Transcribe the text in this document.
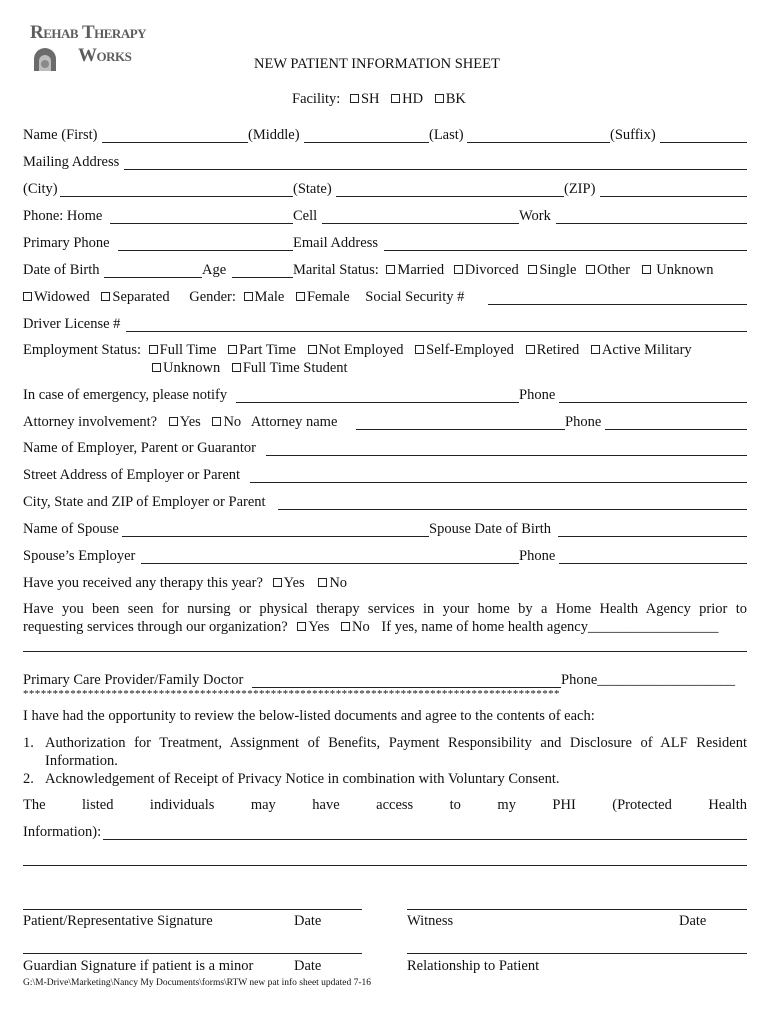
Rehab Therapy
Works	NEW PATIENT INFORMATION SHEET
Facility: SH HD BK
Name (First)	(Middle)	(Last)	(Suffix)
Mailing Address
(City)	(State)	(ZIP)
Phone: Home	Cell	Work
Primary Phone	Email Address
Date of Birth	Age	Marital Status: Married Divorced Single Other Unknown
Widowed Separated Gender: Male Female Social Security #
Driver License #
Employment Status: Full Time Part Time Not Employed Self-Employed Retired Active Military
Unknown Full Time Student
In case of emergency, please notify	Phone
Attorney involvement? Yes No Attorney name	Phone
Name of Employer, Parent or Guarantor
Street Address of Employer or Parent
City, State and ZIP of Employer or Parent
Name of Spouse	Spouse Date of Birth
Spouse’s Employer	Phone
Have you received any therapy this year? Yes No
Have you been seen for nursing or physical therapy services in your home by a Home Health Agency prior to
requesting services through our organization? Yes No If yes, name of home health agency__________________
Primary Care Provider/Family Doctor	Phone___________________
*******************************************************************************************
I have had the opportunity to review the below-listed documents and agree to the contents of each:
1. Authorization for Treatment, Assignment of Benefits, Payment Responsibility and Disclosure of ALF Resident
Information.
2. Acknowledgement of Receipt of Privacy Notice in combination with Voluntary Consent.
The listed individuals may have access to my PHI (Protected Health
Information):
Patient/Representative Signature	Date	Witness	Date
Guardian Signature if patient is a minor	Date	Relationship to Patient
G:\M-Drive\Marketing\Nancy My Documents\forms\RTW new pat info sheet updated 7-16
